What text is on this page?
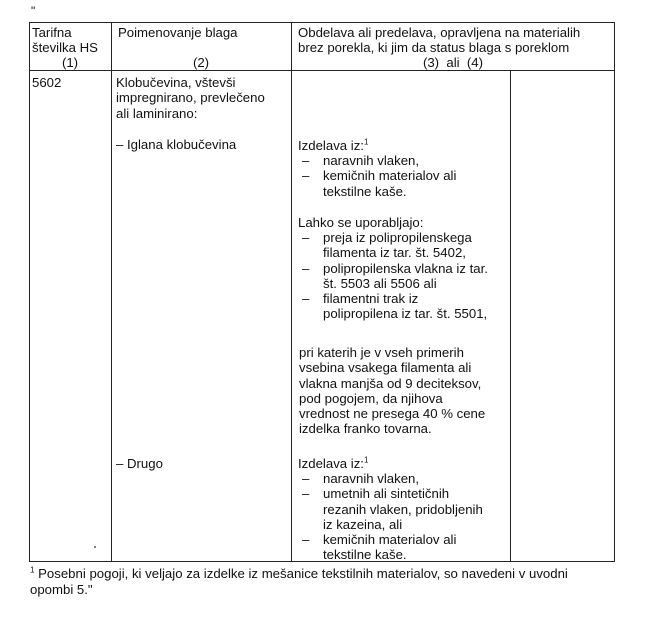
"
Tarifna
številka HS
(1)
Poimenovanje blaga
(2)
Obdelava ali predelava, opravljena na materialih
brez porekla, ki jim da status blaga s poreklom
(3)  ali  (4)
5602	Klobučevina, vštevši
impregnirano, prevlečeno
ali laminirano:
– Iglana klobučevina	Izdelava iz:$^1$
– naravnih vlaken,
– kemičnih materialov ali
tekstilne kaše.
Lahko se uporabljajo:
– preja iz polipropilenskega
filamenta iz tar. št. 5402,
– polipropilenska vlakna iz tar.
št. 5503 ali 5506 ali
– filamentni trak iz
polipropilena iz tar. št. 5501,
pri katerih je v vseh primerih
vsebina vsakega filamenta ali
vlakna manjša od 9 deciteksov,
pod pogojem, da njihova
vrednost ne presega 40 % cene
izdelka franko tovarna.
– Drugo	Izdelava iz:$^1$
– naravnih vlaken,
– umetnih ali sintetičnih
rezanih vlaken, pridobljenih
iz kazeina, ali
– kemičnih materialov ali
tekstilne kaše.
$^1$ Posebni pogoji, ki veljajo za izdelke iz mešanice tekstilnih materialov, so navedeni v uvodni
opombi 5."
